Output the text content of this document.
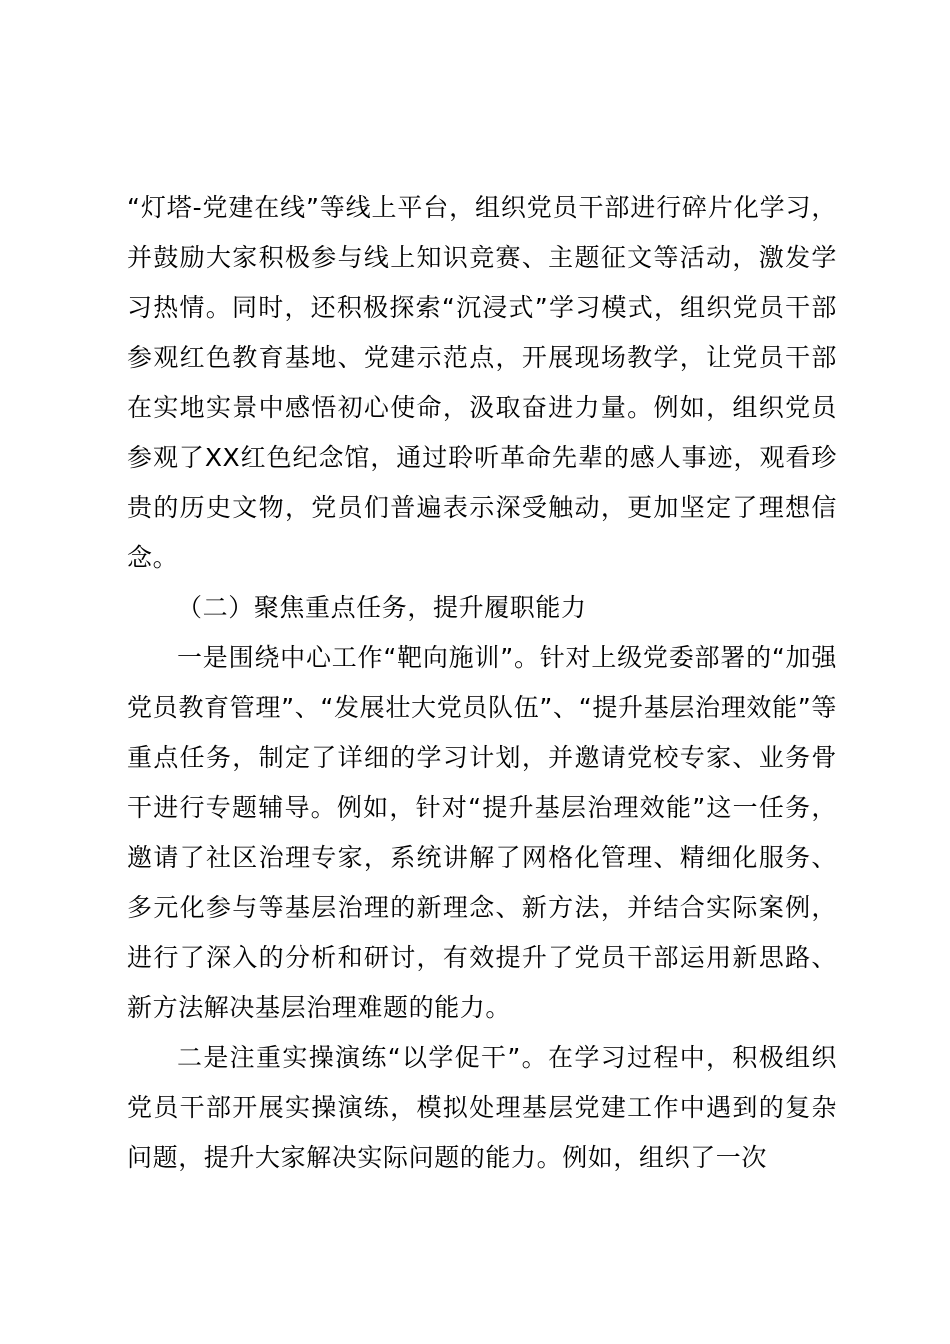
“灯塔-党建在线”等线上平台，组织党员干部进行碎片化学习，并鼓励大家积极参与线上知识竞赛、主题征文等活动，激发学习热情。同时，还积极探索“沉浸式”学习模式，组织党员干部参观红色教育基地、党建示范点，开展现场教学，让党员干部在实地实景中感悟初心使命，汲取奋进力量。例如，组织党员参观了XX红色纪念馆，通过聆听革命先辈的感人事迹，观看珍贵的历史文物，党员们普遍表示深受触动，更加坚定了理想信念。

（二）聚焦重点任务，提升履职能力

一是围绕中心工作“靶向施训”。针对上级党委部署的“加强党员教育管理”、“发展壮大党员队伍”、“提升基层治理效能”等重点任务，制定了详细的学习计划，并邀请党校专家、业务骨干进行专题辅导。例如，针对“提升基层治理效能”这一任务，邀请了社区治理专家，系统讲解了网格化管理、精细化服务、多元化参与等基层治理的新理念、新方法，并结合实际案例，进行了深入的分析和研讨，有效提升了党员干部运用新思路、新方法解决基层治理难题的能力。

二是注重实操演练“以学促干”。在学习过程中，积极组织党员干部开展实操演练，模拟处理基层党建工作中遇到的复杂问题，提升大家解决实际问题的能力。例如，组织了一次
